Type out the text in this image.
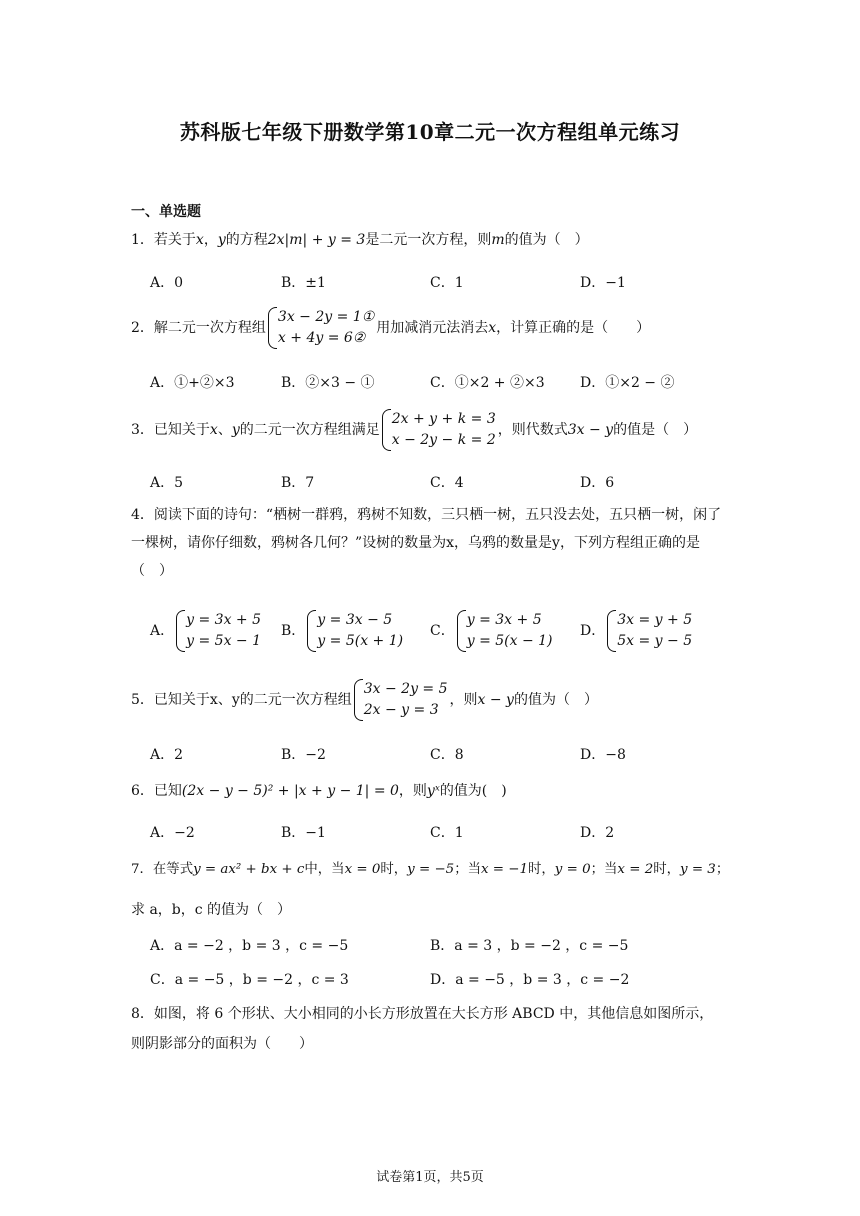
苏科版七年级下册数学第10章二元一次方程组单元练习
一、单选题
1．若关于x，y的方程2x|m| + y = 3是二元一次方程，则m的值为（　）
A．0	B．±1	C．1	D．−1
2．解二元一次方程组
3x − 2y = 1①
x + 4y = 6②
用加减消元法消去x，计算正确的是（　　）
A．①+②×3	B．②×3 − ①	C．①×2 + ②×3	D．①×2 − ②
3．已知关于x、y的二元一次方程组满足
2x + y + k = 3
x − 2y − k = 2
，则代数式3x − y的值是（　）
A．5	B．7	C．4	D．6
4．阅读下面的诗句：“栖树一群鸦，鸦树不知数，三只栖一树，五只没去处，五只栖一树，闲了一棵树，请你仔细数，鸦树各几何？”设树的数量为x，乌鸦的数量是y，下列方程组正确的是（　）
A．
y = 3x + 5
y = 5x − 1
B．
y = 3x − 5
y = 5(x + 1)
C．
y = 3x + 5
y = 5(x − 1)
D．
3x = y + 5
5x = y − 5
5．已知关于x、y的二元一次方程组
3x − 2y = 5
2x − y = 3
，则x − y的值为（　）
A．2	B．−2	C．8	D．−8
6．已知(2x − y − 5)² + |x + y − 1| = 0，则yˣ的值为(　)
A．−2	B．−1	C．1	D．2
7．在等式y = ax² + bx + c中，当x = 0时，y = −5；当x = −1时，y = 0；当x = 2时，y = 3；
求 a，b，c 的值为（　）
A．a = −2 ，b = 3 ，c = −5	B．a = 3 ，b = −2 ，c = −5
C．a = −5 ，b = −2 ，c = 3	D．a = −5 ，b = 3 ，c = −2
8．如图，将 6 个形状、大小相同的小长方形放置在大长方形 ABCD 中，其他信息如图所示，
则阴影部分的面积为（　　）
试卷第1页，共5页
